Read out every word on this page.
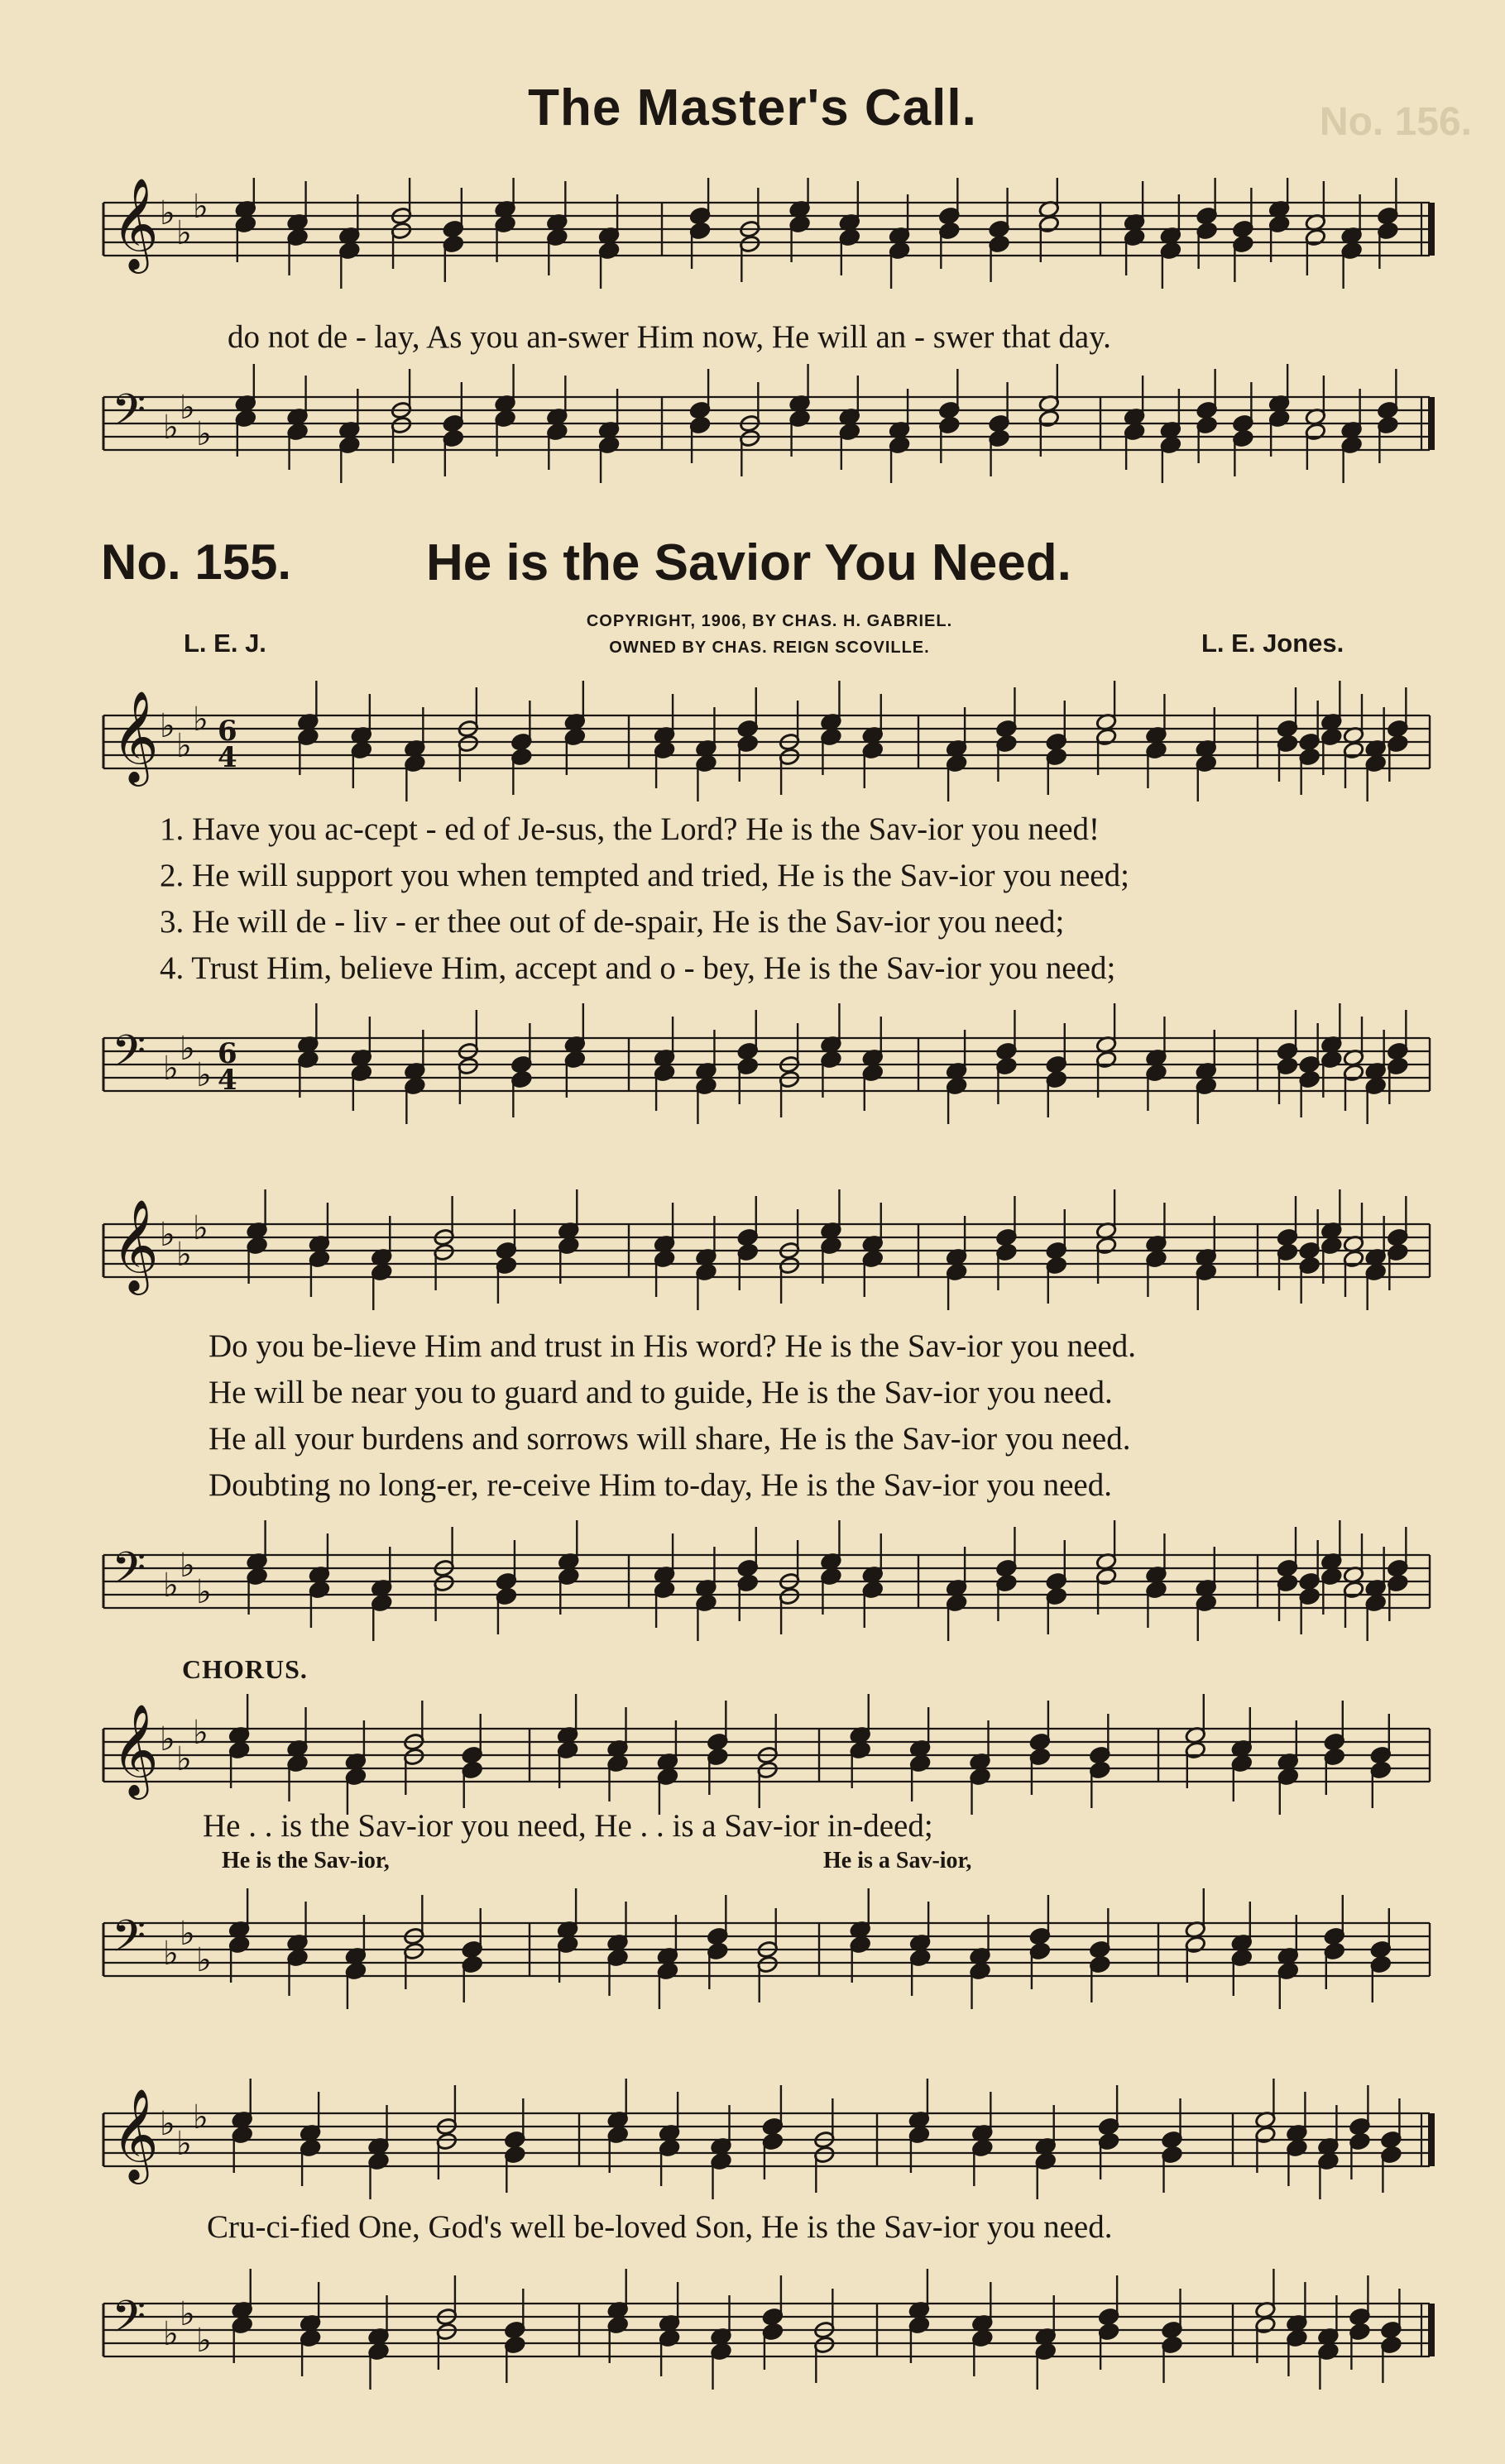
The Master's Call.	No. 156.
𝄞 ♭
♭
♭
do not de - lay, As you an-swer Him now, He will an - swer that day.
𝄢 ♭
♭
♭
No. 155.	He is the Savior You Need.
COPYRIGHT, 1906, BY CHAS. H. GABRIEL.
OWNED BY CHAS. REIGN SCOVILLE.
L. E. J.	L. E. Jones.
𝄞 ♭
♭
♭ 6
4
1. Have you ac-cept - ed of Je-sus, the Lord? He is the Sav-ior you need!
2. He will support you when tempted and tried, He is the Sav-ior you need;
3. He will de - liv - er thee out of de-spair, He is the Sav-ior you need;
4. Trust Him, believe Him, accept and o - bey, He is the Sav-ior you need;
𝄢 ♭
♭
♭
6
4
𝄞 ♭
♭
♭
Do you be-lieve Him and trust in His word? He is the Sav-ior you need.
He will be near you to guard and to guide, He is the Sav-ior you need.
He all your burdens and sorrows will share, He is the Sav-ior you need.
Doubting no long-er, re-ceive Him to-day, He is the Sav-ior you need.
𝄢 ♭
♭
♭
CHORUS.
𝄞 ♭
♭
♭
He . . is the Sav-ior you need, He . . is a Sav-ior in-deed;
He is the Sav-ior,	He is a Sav-ior,
𝄢 ♭
♭
♭
𝄞 ♭
♭
♭
Cru-ci-fied One, God's well be-loved Son, He is the Sav-ior you need.
𝄢 ♭
♭
♭
